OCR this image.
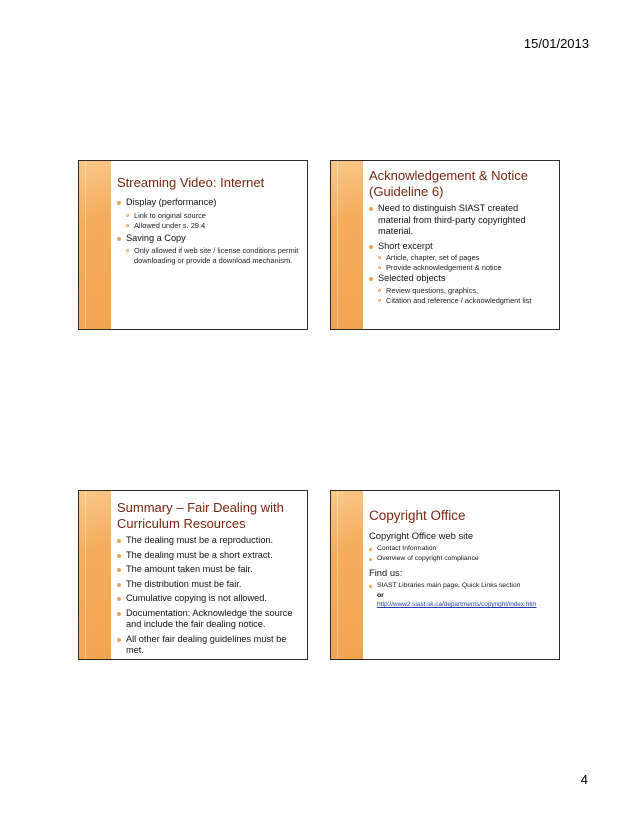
15/01/2013
Streaming Video: Internet
Display (performance)
Link to original source
Allowed under s. 29.4
Saving a Copy
Only allowed if web site / license conditions permit downloading or provide a download mechanism.
Acknowledgement & Notice (Guideline 6)
Need to distinguish SIAST created material from third-party copyrighted material.
Short excerpt
Article, chapter, set of pages
Provide acknowledgement & notice
Selected objects
Review questions, graphics,
Citation and reference / acknowledgment list
Summary – Fair Dealing with Curriculum Resources
The dealing must be a reproduction.
The dealing must be a short extract.
The amount taken must be fair.
The distribution must be fair.
Cumulative copying is not allowed.
Documentation: Acknowledge the source and include the fair dealing notice.
All other fair dealing guidelines must be met.
Copyright Office
Copyright Office web site
Contact Information
Overview of copyright compliance
Find us:
SIAST Libraries main page, Quick Links section
or
http://www2.siast.sk.ca/departments/copyright/index.htm
4
